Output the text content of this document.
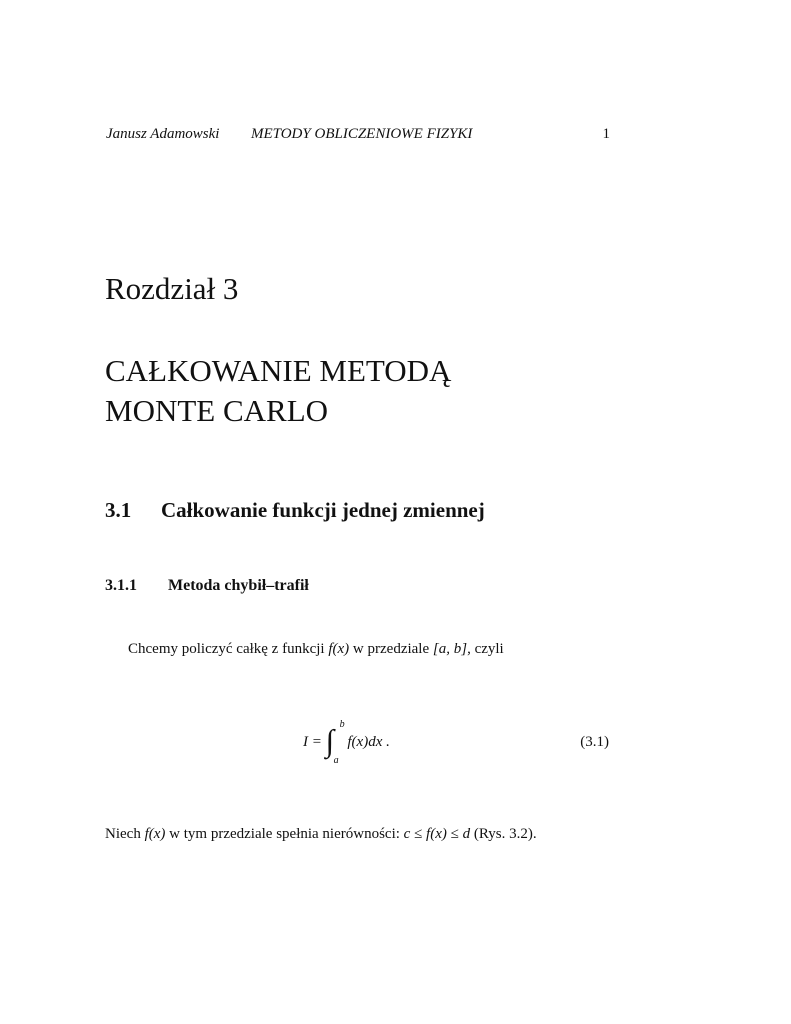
Janusz Adamowski METODY OBLICZENIOWE FIZYKI	1
Rozdział 3
CAŁKOWANIE METODĄ
MONTE CARLO
3.1 Całkowanie funkcji jednej zmiennej
3.1.1 Metoda chybił–trafił
Chcemy policzyć całkę z funkcji f(x) w przedziale [a, b], czyli
I = ∫ b
a
f(x)dx .	(3.1)
Niech f(x) w tym przedziale spełnia nierówności: c ≤ f(x) ≤ d (Rys. 3.2).
